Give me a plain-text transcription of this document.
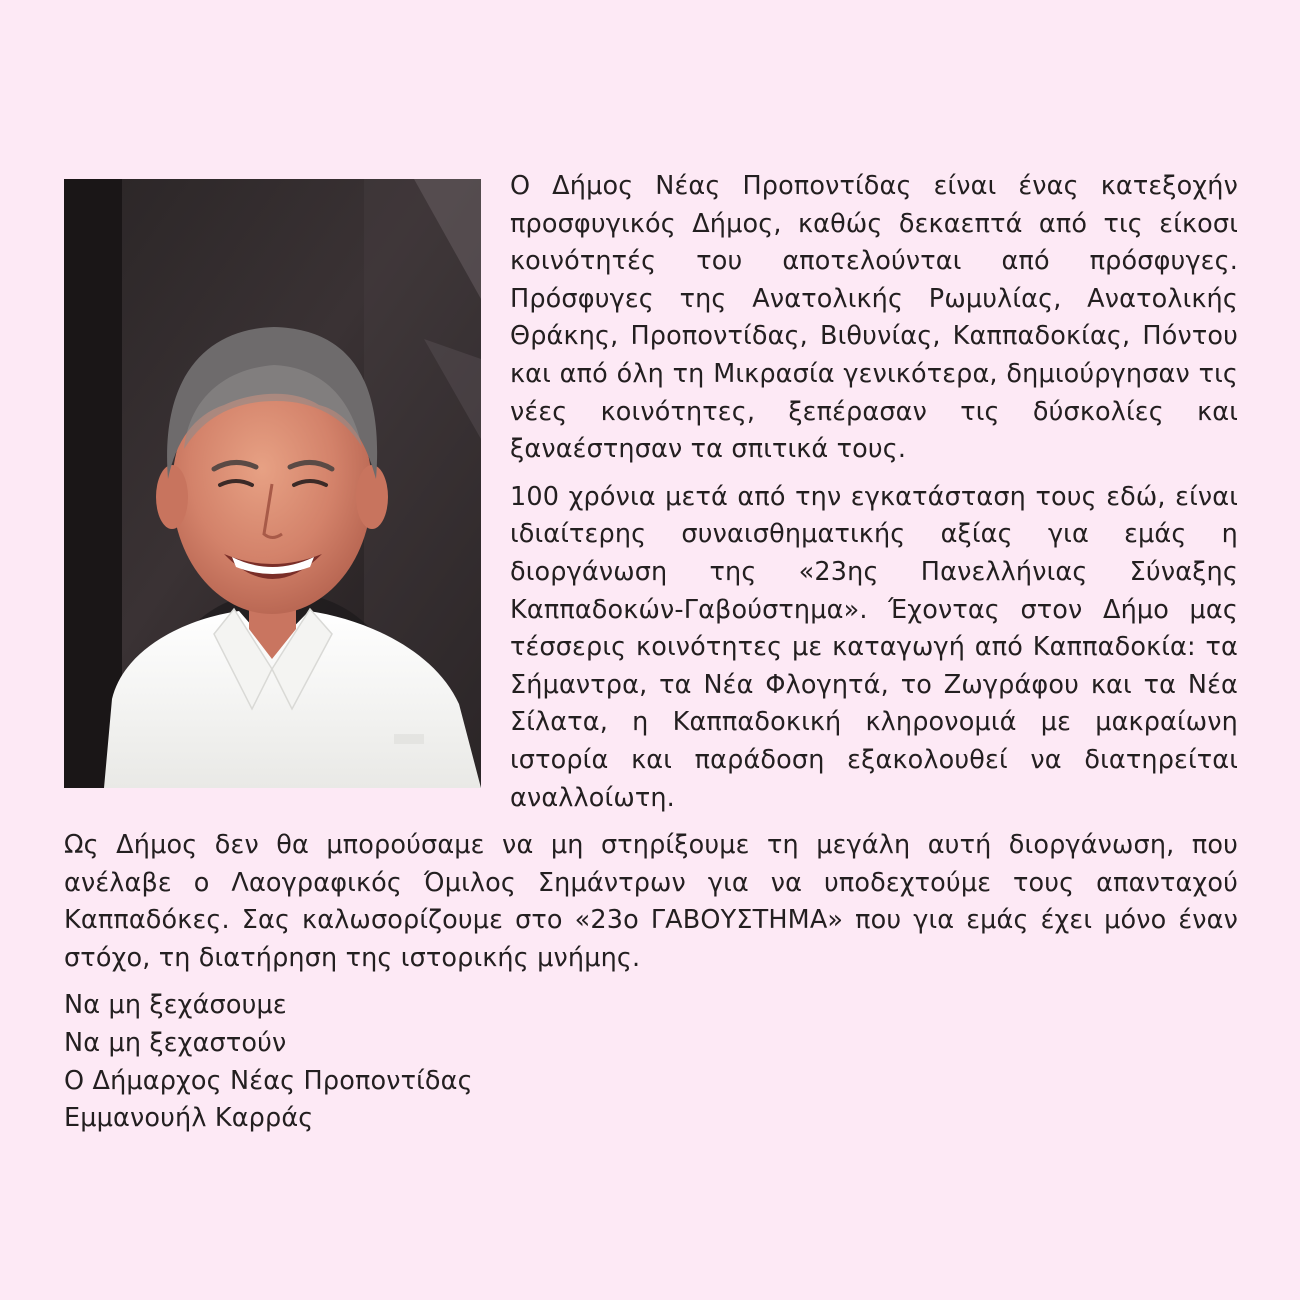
Ο Δήμος Νέας Προποντίδας είναι ένας κατεξοχήν προσφυγικός Δήμος, καθώς δεκαεπτά από τις είκοσι κοινότητές του αποτελούνται από πρόσφυγες. Πρόσφυγες της Ανατολικής Ρωμυλίας, Ανατολικής Θράκης, Προποντίδας, Βιθυνίας, Καππαδοκίας, Πόντου και από όλη τη Μικρασία γενικότερα, δημιούργησαν τις νέες κοινότητες, ξεπέρασαν τις δύσκολίες και ξαναέστησαν τα σπιτικά τους.

100 χρόνια μετά από την εγκατάσταση τους εδώ, είναι ιδιαίτερης συναισθηματικής αξίας για εμάς η διοργάνωση της «23ης Πανελλήνιας Σύναξης Καππαδοκών-Γαβούστημα». Έχοντας στον Δήμο μας τέσσερις κοινότητες με καταγωγή από Καππαδοκία: τα Σήμαντρα, τα Νέα Φλογητά, το Ζωγράφου και τα Νέα Σίλατα, η Καππαδοκική κληρονομιά με μακραίωνη ιστορία και παράδοση εξακολουθεί να διατηρείται αναλλοίωτη.

Ως Δήμος δεν θα μπορούσαμε να μη στηρίξουμε τη μεγάλη αυτή διοργάνωση, που ανέλαβε ο Λαογραφικός Όμιλος Σημάντρων για να υποδεχτούμε τους απανταχού Καππαδόκες. Σας καλωσορίζουμε στο «23ο ΓΑΒΟΥΣΤΗΜΑ» που για εμάς έχει μόνο έναν στόχο, τη διατήρηση της ιστορικής μνήμης.

Να μη ξεχάσουμε
Να μη ξεχαστούν
Ο Δήμαρχος Νέας Προποντίδας
Εμμανουήλ Καρράς
